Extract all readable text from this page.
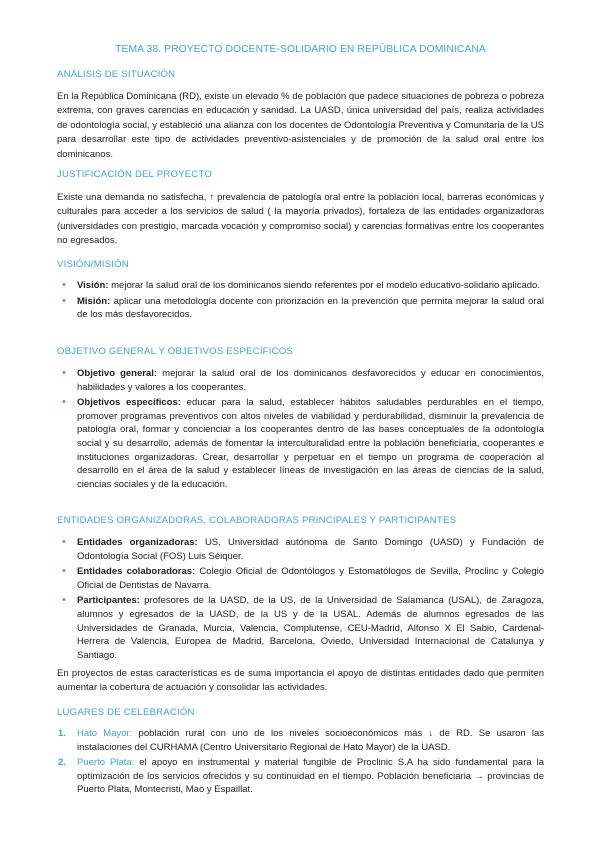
TEMA 38. PROYECTO DOCENTE-SOLIDARIO EN REPÚBLICA DOMINICANA
ANÁLISIS DE SITUACIÓN

En la República Dominicana (RD), existe un elevado % de población que padece situaciones de pobreza o pobreza extrema, con graves carencias en educación y sanidad. La UASD, única universidad del país, realiza actividades de odontología social, y estableció una alianza con los docentes de Odontología Preventiva y Comunitaria de la US para desarrollar este tipo de actividades preventivo-asistenciales y de promoción de la salud oral entre los dominicanos.

JUSTIFICACIÓN DEL PROYECTO

Existe una demanda no satisfecha, ↑ prevalencia de patología oral entre la población local, barreras económicas y culturales para acceder a los servicios de salud ( la mayoría privados), fortaleza de las entidades organizadoras (universidades con prestigio, marcada vocación y compromiso social) y carencias formativas entre los cooperantes no egresados.

VISIÓN/MISIÓN
• Visión: mejorar la salud oral de los dominicanos siendo referentes por el modelo educativo-solidario aplicado.
• Misión: aplicar una metodología docente con priorización en la prevención que permita mejorar la salud oral de los más desfavorecidos.
OBJETIVO GENERAL Y OBJETIVOS ESPECÍFICOS
• Objetivo general: mejorar la salud oral de los dominicanos desfavorecidos y educar en conocimientos, habilidades y valores a los cooperantes.
• Objetivos específicos: educar para la salud, establecer hábitos saludables perdurables en el tiempo, promover programas preventivos con altos niveles de viabilidad y perdurabilidad, disminuir la prevalencia de patología oral, formar y concienciar a los cooperantes dentro de las bases conceptuales de la odontología social y su desarrollo, además de fomentar la interculturalidad entre la población beneficiaria, cooperantes e instituciones organizadoras. Crear, desarrollar y perpetuar en el tiempo un programa de cooperación al desarrollo en el área de la salud y establecer líneas de investigación en las áreas de ciencias de la salud, ciencias sociales y de la educación.
ENTIDADES ORGANIZADORAS, COLABORADORAS PRINCIPALES Y PARTICIPANTES
• Entidades organizadoras: US, Universidad autónoma de Santo Domingo (UASD) y Fundación de Odontología Social (FOS) Luis Séiquer.
• Entidades colaboradoras: Colegio Oficial de Odontólogos y Estomatólogos de Sevilla, Proclinc y Colegio Oficial de Dentistas de Navarra.
• Participantes: profesores de la UASD, de la US, de la Universidad de Salamanca (USAL), de Zaragoza, alumnos y egresados de la UASD, de la US y de la USAL. Además de alumnos egresados de las Universidades de Granada, Murcia, Valencia, Complutense, CEU-Madrid, Alfonso X El Sabio, Cardenal-Herrera de Valencia, Europea de Madrid, Barcelona, Oviedo, Universidad Internacional de Catalunya y Santiago.

En proyectos de estas características es de suma importancia el apoyo de distintas entidades dado que permiten aumentar la cobertura de actuación y consolidar las actividades.

LUGARES DE CELEBRACIÓN
1. Hato Mayor: población rural con uno de los niveles socioeconómicos más ↓ de RD. Se usaron las instalaciones del CURHAMA (Centro Universitario Regional de Hato Mayor) de la UASD.
2. Puerto Plata: el apoyo en instrumental y material fungible de Proclinic S.A ha sido fundamental para la optimización de los servicios ofrecidos y su continuidad en el tiempo. Población beneficiaria → provincias de Puerto Plata, Montecristi, Mao y Espaillat.
